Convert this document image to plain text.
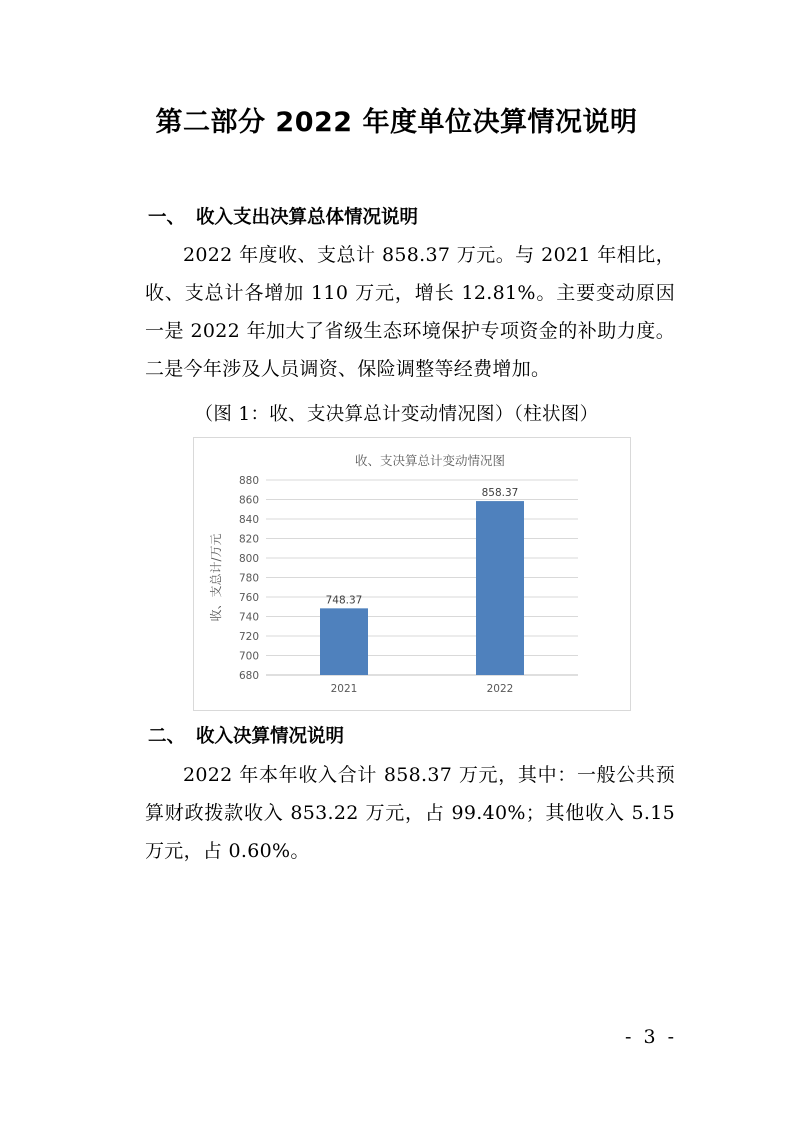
第二部分 2022 年度单位决算情况说明
一、 收入支出决算总体情况说明

2022 年度收、支总计 858.37 万元。与 2021 年相比，收、支总计各增加 110 万元，增长 12.81%。主要变动原因一是 2022 年加大了省级生态环境保护专项资金的补助力度。二是今年涉及人员调资、保险调整等经费增加。

（图 1：收、支决算总计变动情况图）（柱状图）

收、支决算总计变动情况图
680
700
720
740
760
780
800
820
840
860
880
收、支总计/万元	748.37
2021
858.37
2022
二、 收入决算情况说明

2022 年本年收入合计 858.37 万元，其中：一般公共预算财政拨款收入 853.22 万元，占 99.40%；其他收入 5.15 万元，占 0.60%。

- 3 -
